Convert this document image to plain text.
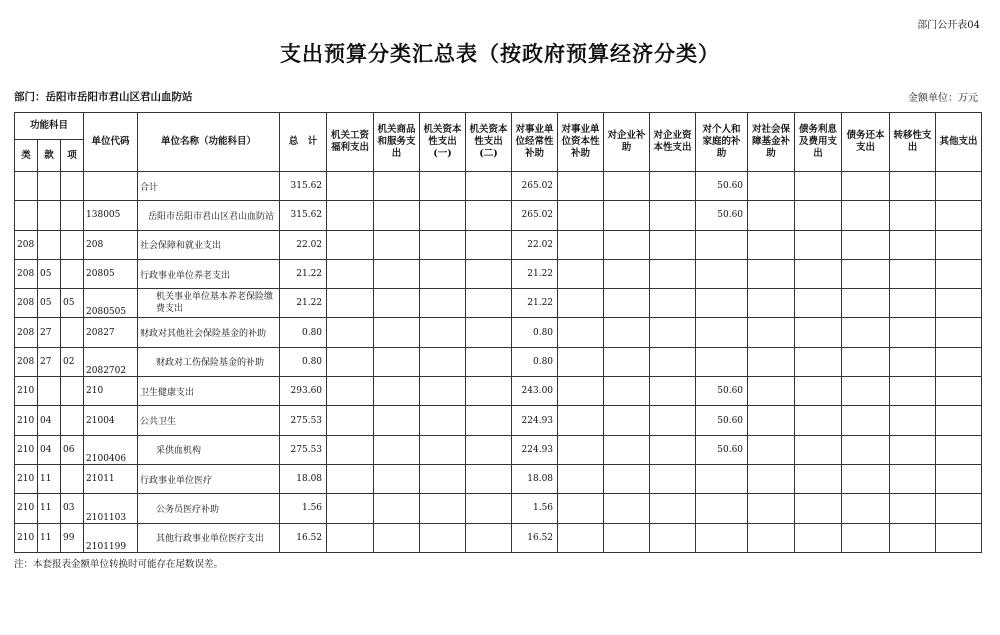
部门公开表04
支出预算分类汇总表（按政府预算经济分类）
部门：岳阳市岳阳市君山区君山血防站	金额单位：万元
功能科目			单位代码	单位名称（功能科目）	总　计	机关工资福利支出	机关商品和服务支出	机关资本性支出(一)	机关资本性支出(二)	对事业单位经常性补助	对事业单位资本性补助	对企业补助	对企业资本性支出	对个人和家庭的补助	对社会保障基金补助	债务利息及费用支出	债务还本支出	转移性支出	其他支出
类	款	项																	
				合计	315.62					265.02				50.60					
			138005	岳阳市岳阳市君山区君山血防站	315.62					265.02				50.60					
208			208	社会保障和就业支出	22.02					22.02									
208	05		20805	行政事业单位养老支出	21.22					21.22									
208	05	05	2080505	机关事业单位基本养老保险缴费支出	21.22					21.22									
208	27		20827	财政对其他社会保险基金的补助	0.80					0.80									
208	27	02	2082702	财政对工伤保险基金的补助	0.80					0.80									
210			210	卫生健康支出	293.60					243.00				50.60					
210	04		21004	公共卫生	275.53					224.93				50.60					
210	04	06	2100406	采供血机构	275.53					224.93				50.60					
210	11		21011	行政事业单位医疗	18.08					18.08									
210	11	03	2101103	公务员医疗补助	1.56					1.56									
210	11	99	2101199	其他行政事业单位医疗支出	16.52					16.52									
注：本套报表金额单位转换时可能存在尾数误差。
